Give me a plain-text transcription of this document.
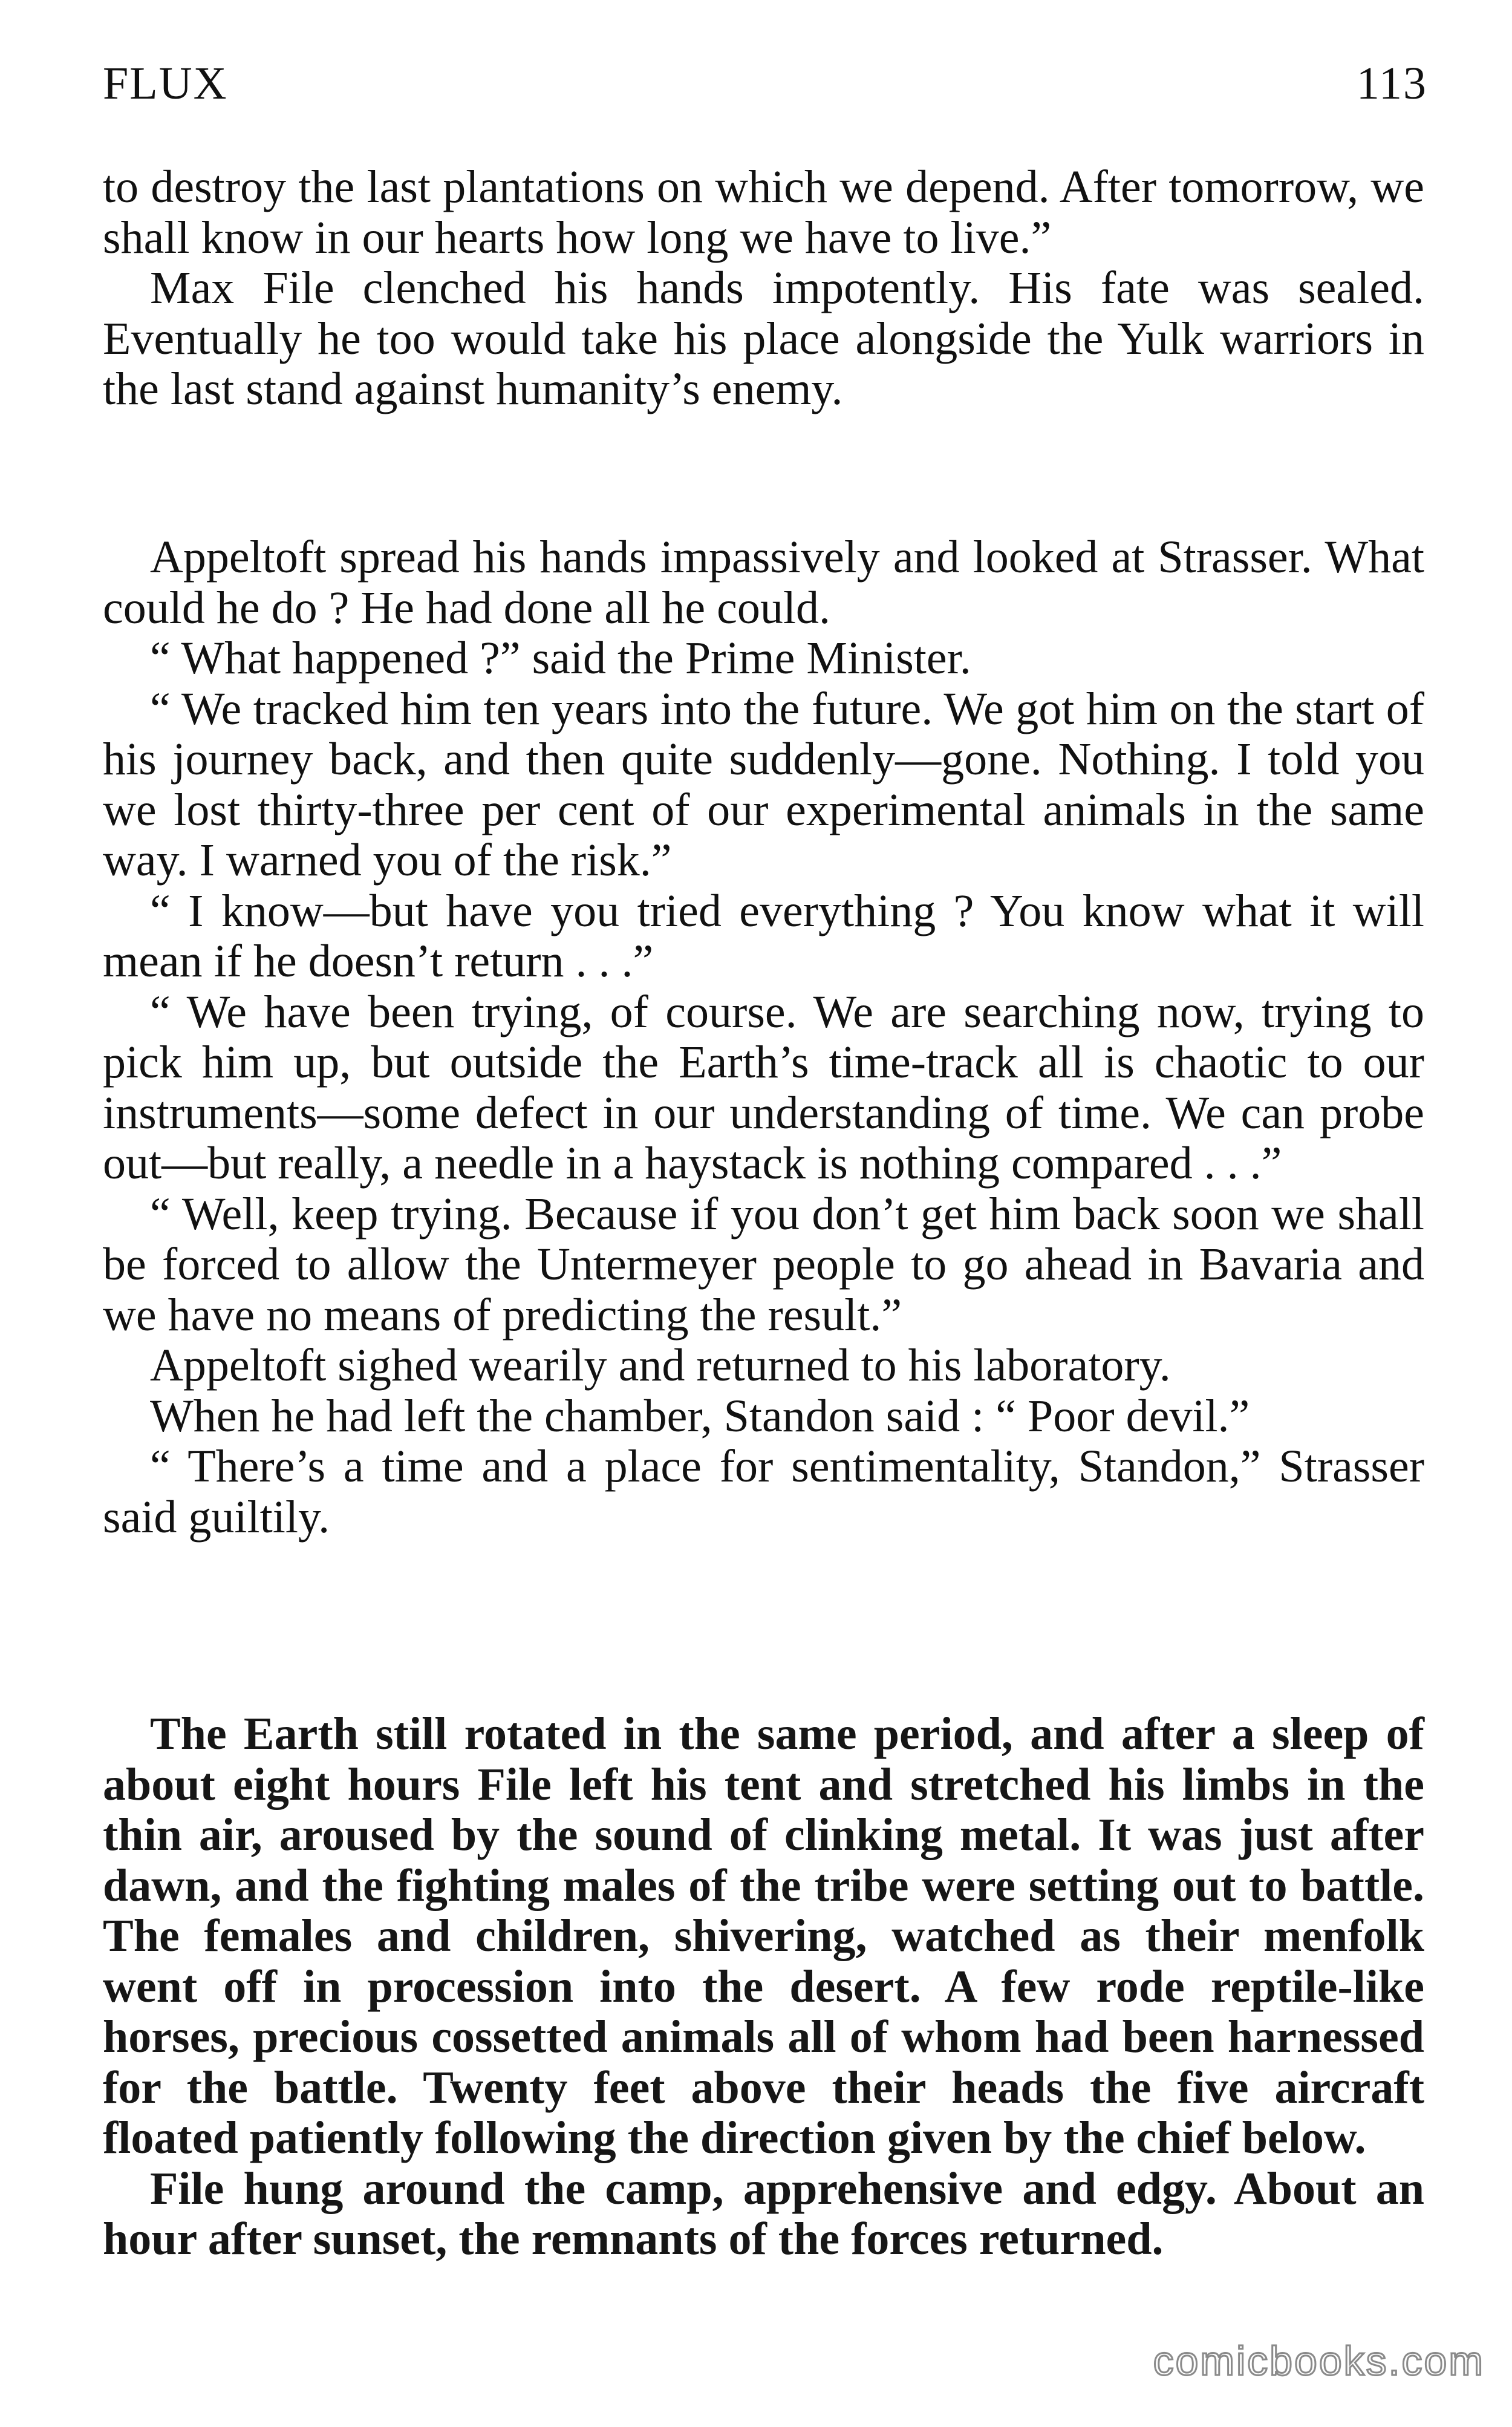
FLUX	113

to destroy the last plantations on which we depend. After tomorrow, we shall know in our hearts how long we have to live.”

Max File clenched his hands impotently. His fate was sealed. Eventually he too would take his place alongside the Yulk warriors in the last stand against humanity’s enemy.

Appeltoft spread his hands impassively and looked at Strasser. What could he do ? He had done all he could.

“ What happened ?” said the Prime Minister.

“ We tracked him ten years into the future. We got him on the start of his journey back, and then quite suddenly—gone. Nothing. I told you we lost thirty-three per cent of our experimental animals in the same way. I warned you of the risk.”

“ I know—but have you tried everything ? You know what it will mean if he doesn’t return . . .”

“ We have been trying, of course. We are searching now, trying to pick him up, but outside the Earth’s time-track all is chaotic to our instruments—some defect in our understanding of time. We can probe out—but really, a needle in a haystack is nothing compared . . .”

“ Well, keep trying. Because if you don’t get him back soon we shall be forced to allow the Untermeyer people to go ahead in Bavaria and we have no means of predicting the result.”

Appeltoft sighed wearily and returned to his laboratory.

When he had left the chamber, Standon said : “ Poor devil.”

“ There’s a time and a place for sentimentality, Standon,” Strasser said guiltily.

The Earth still rotated in the same period, and after a sleep of about eight hours File left his tent and stretched his limbs in the thin air, aroused by the sound of clinking metal. It was just after dawn, and the fighting males of the tribe were setting out to battle. The females and children, shivering, watched as their menfolk went off in procession into the desert. A few rode reptile-like horses, precious cossetted animals all of whom had been harnessed for the battle. Twenty feet above their heads the five aircraft floated patiently following the direction given by the chief below.

File hung around the camp, apprehensive and edgy. About an hour after sunset, the remnants of the forces returned.

comicbooks.com
